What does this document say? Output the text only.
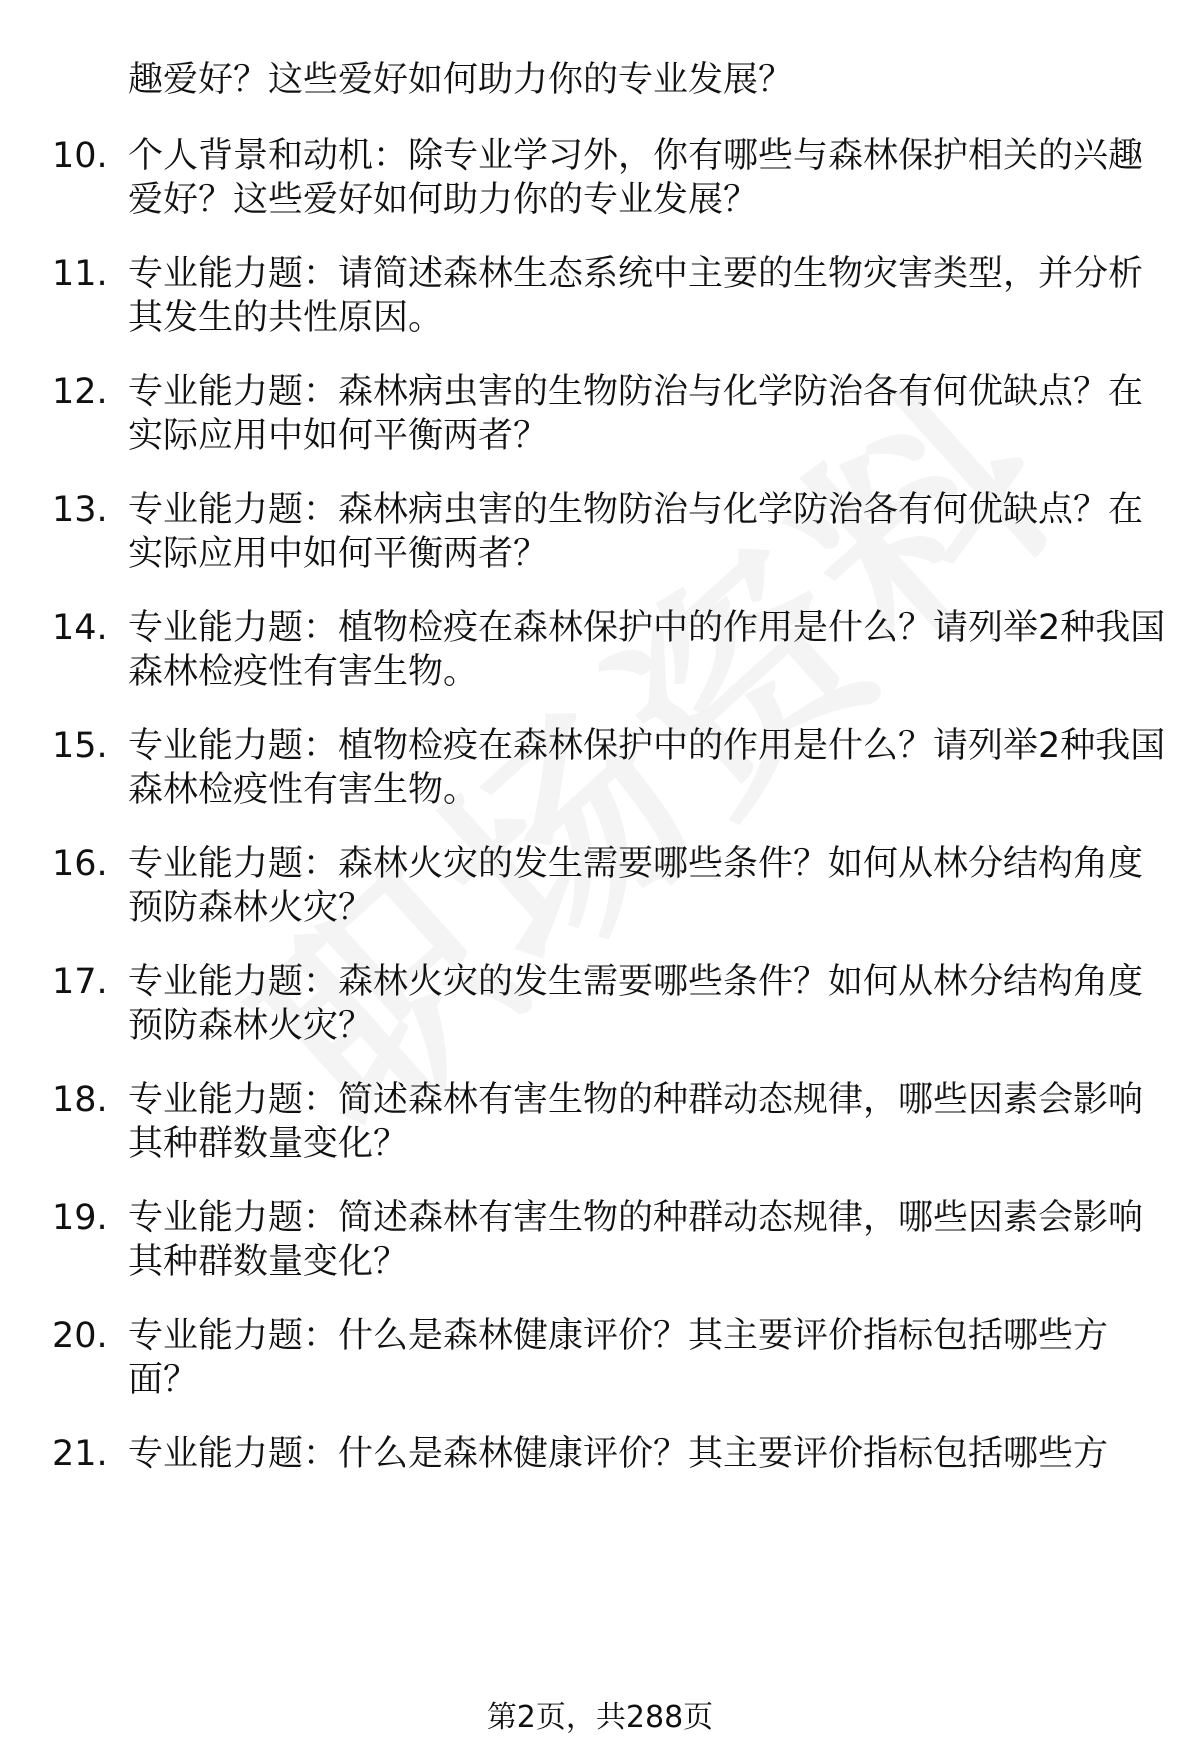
趣爱好？这些爱好如何助力你的专业发展？
10. 个人背景和动机：除专业学习外，你有哪些与森林保护相关的兴趣爱好？这些爱好如何助力你的专业发展？
11. 专业能力题：请简述森林生态系统中主要的生物灾害类型，并分析其发生的共性原因。
12. 专业能力题：森林病虫害的生物防治与化学防治各有何优缺点？在实际应用中如何平衡两者？
13. 专业能力题：森林病虫害的生物防治与化学防治各有何优缺点？在实际应用中如何平衡两者？
14. 专业能力题：植物检疫在森林保护中的作用是什么？请列举2种我国森林检疫性有害生物。
15. 专业能力题：植物检疫在森林保护中的作用是什么？请列举2种我国森林检疫性有害生物。
16. 专业能力题：森林火灾的发生需要哪些条件？如何从林分结构角度预防森林火灾？
17. 专业能力题：森林火灾的发生需要哪些条件？如何从林分结构角度预防森林火灾？
18. 专业能力题：简述森林有害生物的种群动态规律，哪些因素会影响其种群数量变化？
19. 专业能力题：简述森林有害生物的种群动态规律，哪些因素会影响其种群数量变化？
20. 专业能力题：什么是森林健康评价？其主要评价指标包括哪些方面？
21. 专业能力题：什么是森林健康评价？其主要评价指标包括哪些方
第2页，共288页
